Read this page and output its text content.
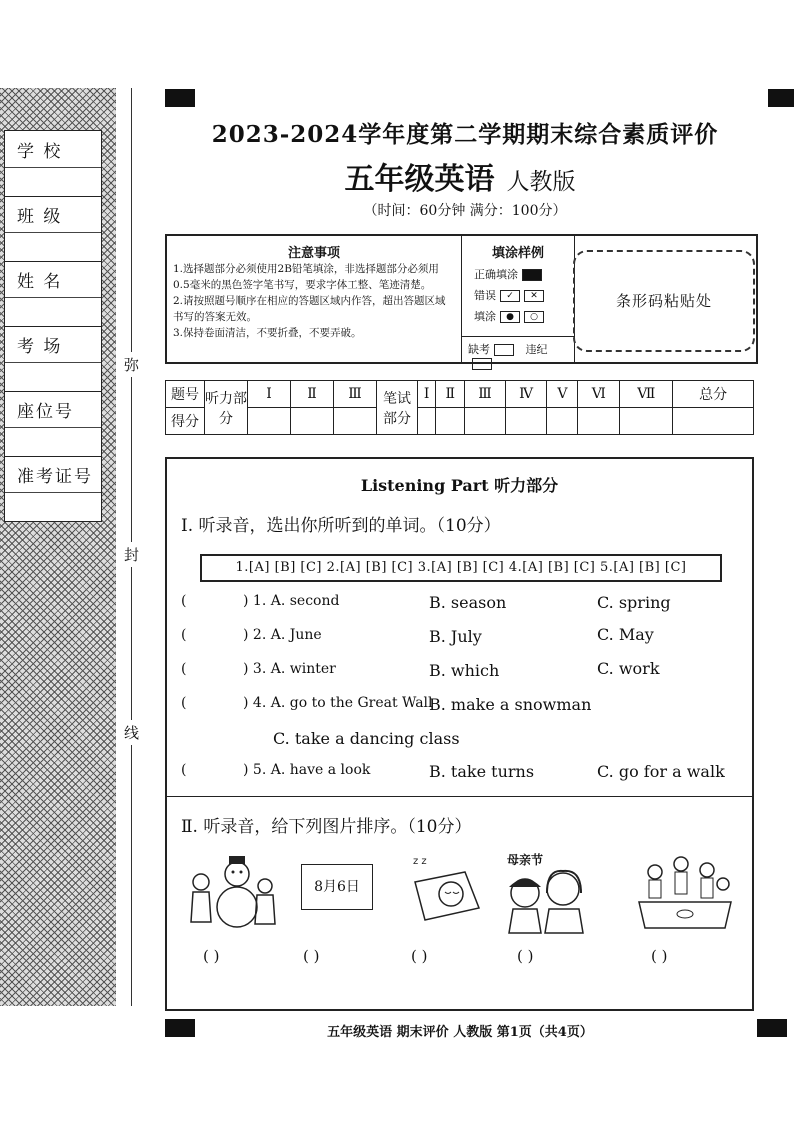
学 校
班 级
姓 名
考 场
座位号
准考证号
弥
封
线
2023-2024学年度第二学期期末综合素质评价
五年级英语 人教版
（时间：60分钟 满分：100分）
注意事项
1.选择题部分必须使用2B铅笔填涂，非选择题部分必须用0.5毫米的黑色签字笔书写，要求字体工整、笔迹清楚。
2.请按照题号顺序在相应的答题区域内作答，超出答题区域书写的答案无效。
3.保持卷面清洁，不要折叠，不要弄破。
填涂样例
正确填涂
错误 ✓ ✕
填涂 ● ○
缺考	违纪
条形码粘贴处
题号	听力部分	Ⅰ	Ⅱ	Ⅲ	笔试部分	Ⅰ	Ⅱ	Ⅲ	Ⅳ	Ⅴ	Ⅵ	Ⅶ	总分
得分													
Listening Part 听力部分
Ⅰ. 听录音，选出你所听到的单词。（10分）
1.[A] [B] [C] 2.[A] [B] [C] 3.[A] [B] [C] 4.[A] [B] [C] 5.[A] [B] [C]
(	) 1. A. second	B. season	C. spring
(	) 2. A. June	B. July	C. May
(	) 3. A. winter	B. which	C. work
(	) 4. A. go to the Great Wall
B. make a snowman
C. take a dancing class
(	) 5. A. have a look	B. take turns	C. go for a walk
Ⅱ. 听录音，给下列图片排序。（10分）
8月6日
z z	母亲节
( )	( )	( )	( )	( )
五年级英语 期末评价 人教版 第1页（共4页）
